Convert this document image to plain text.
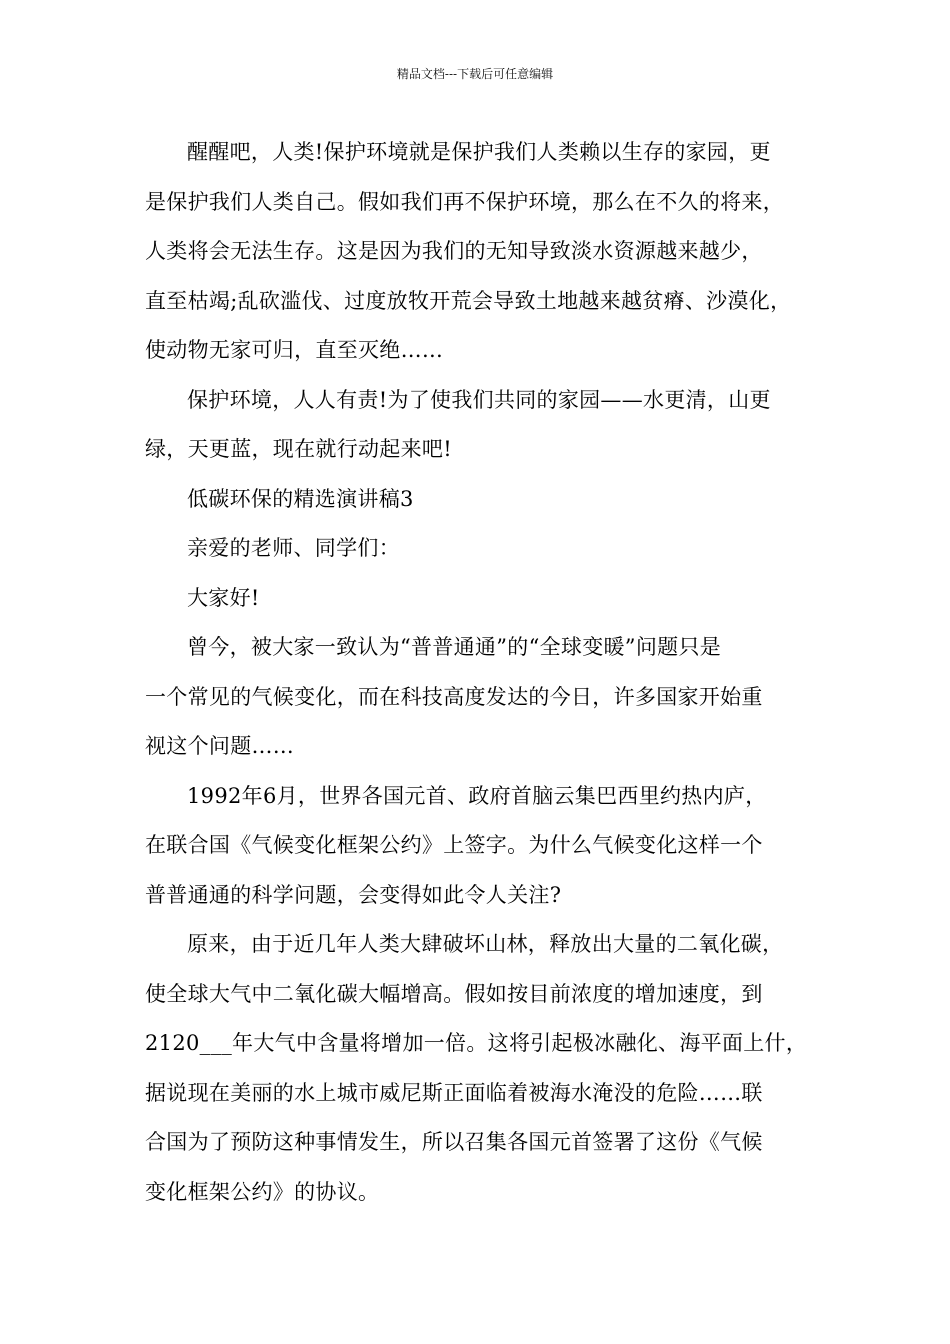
精品文档---下载后可任意编辑

醒醒吧，人类!保护环境就是保护我们人类赖以生存的家园，更
是保护我们人类自己。假如我们再不保护环境，那么在不久的将来，
人类将会无法生存。这是因为我们的无知导致淡水资源越来越少，
直至枯竭;乱砍滥伐、过度放牧开荒会导致土地越来越贫瘠、沙漠化，
使动物无家可归，直至灭绝……

保护环境，人人有责!为了使我们共同的家园——水更清，山更
绿，天更蓝，现在就行动起来吧!

低碳环保的精选演讲稿3

亲爱的老师、同学们：

大家好!

曾今，被大家一致认为“普普通通”的“全球变暖”问题只是
一个常见的气候变化，而在科技高度发达的今日，许多国家开始重
视这个问题……

1992年6月，世界各国元首、政府首脑云集巴西里约热内庐，
在联合国《气候变化框架公约》上签字。为什么气候变化这样一个
普普通通的科学问题，会变得如此令人关注?

原来，由于近几年人类大肆破坏山林，释放出大量的二氧化碳，
使全球大气中二氧化碳大幅增高。假如按目前浓度的增加速度，到
2120___年大气中含量将增加一倍。这将引起极冰融化、海平面上什，
据说现在美丽的水上城市威尼斯正面临着被海水淹没的危险……联
合国为了预防这种事情发生，所以召集各国元首签署了这份《气候
变化框架公约》的协议。
